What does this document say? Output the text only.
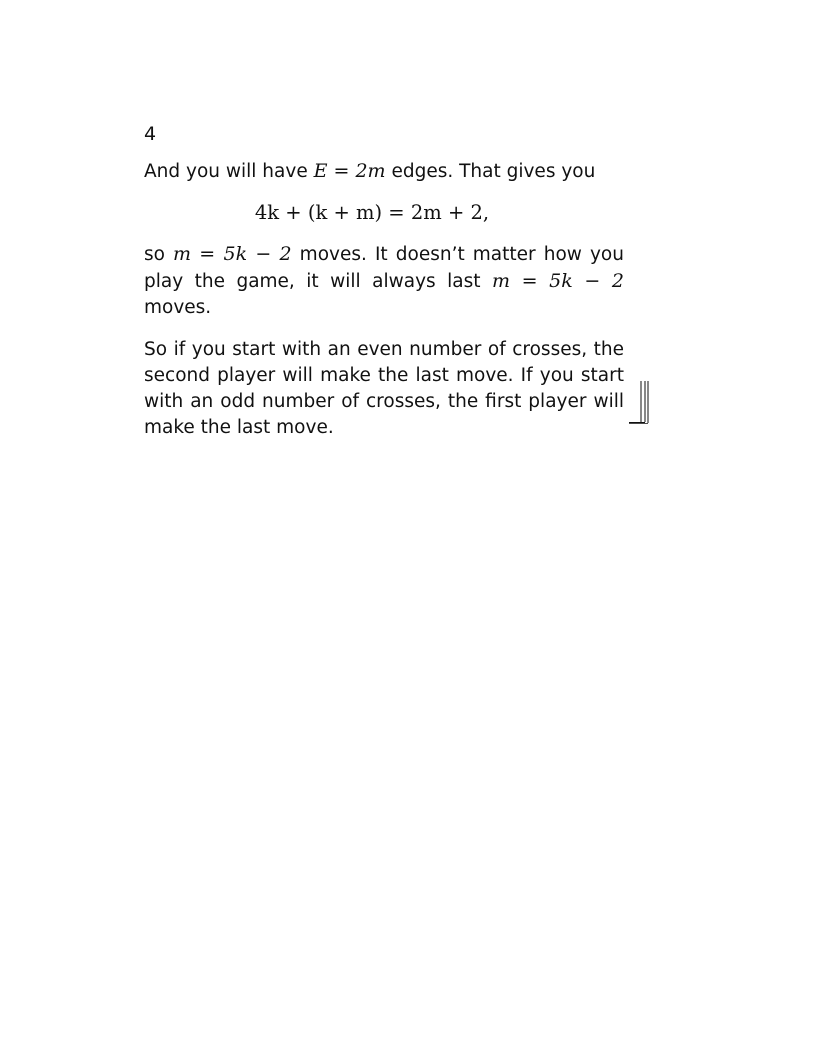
4

And you will have E = 2m edges. That gives you

4k + (k + m) = 2m + 2,

so m = 5k − 2 moves. It doesn’t matter how you play the game, it will always last m = 5k − 2 moves.

So if you start with an even number of crosses, the second player will make the last move. If you start with an odd number of crosses, the first player will make the last move.
